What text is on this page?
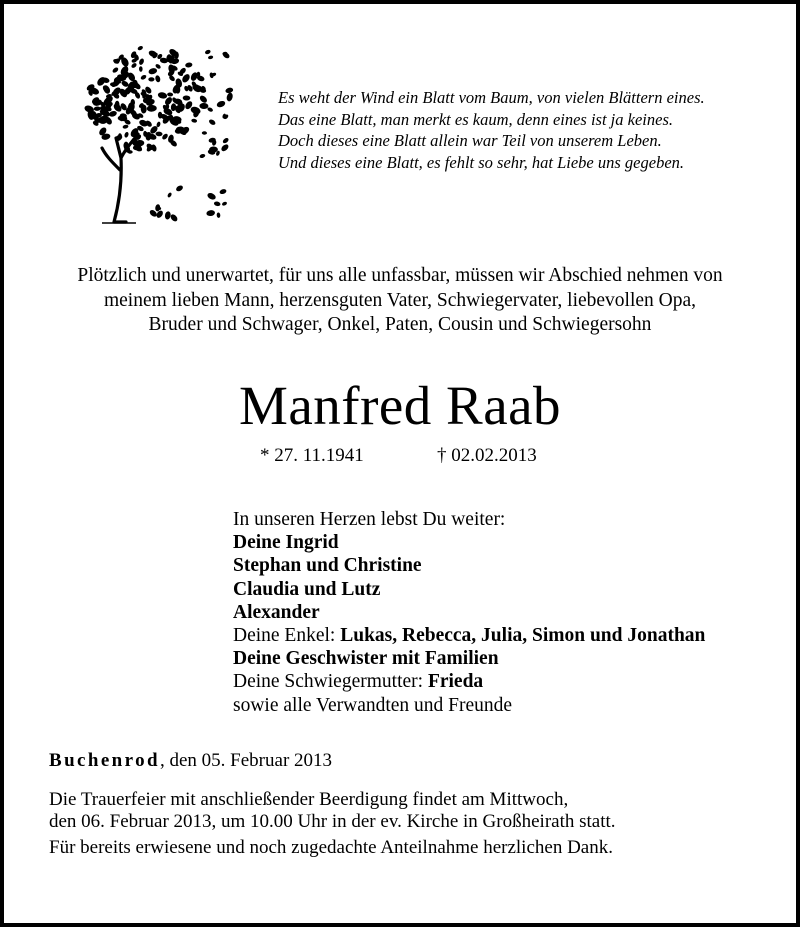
Es weht der Wind ein Blatt vom Baum, von vielen Blättern eines.
Das eine Blatt, man merkt es kaum, denn eines ist ja keines.
Doch dieses eine Blatt allein war Teil von unserem Leben.
Und dieses eine Blatt, es fehlt so sehr, hat Liebe uns gegeben.
Plötzlich und unerwartet, für uns alle unfassbar, müssen wir Abschied nehmen von
meinem lieben Mann, herzensguten Vater, Schwiegervater, liebevollen Opa,
Bruder und Schwager, Onkel, Paten, Cousin und Schwiegersohn
Manfred Raab
* 27. 11.1941	† 02.02.2013
In unseren Herzen lebst Du weiter:
Deine Ingrid
Stephan und Christine
Claudia und Lutz
Alexander
Deine Enkel: Lukas, Rebecca, Julia, Simon und Jonathan
Deine Geschwister mit Familien
Deine Schwiegermutter: Frieda
sowie alle Verwandten und Freunde
Buchenrod, den 05. Februar 2013
Die Trauerfeier mit anschließender Beerdigung findet am Mittwoch,
den 06. Februar 2013, um 10.00 Uhr in der ev. Kirche in Großheirath statt.
Für bereits erwiesene und noch zugedachte Anteilnahme herzlichen Dank.
